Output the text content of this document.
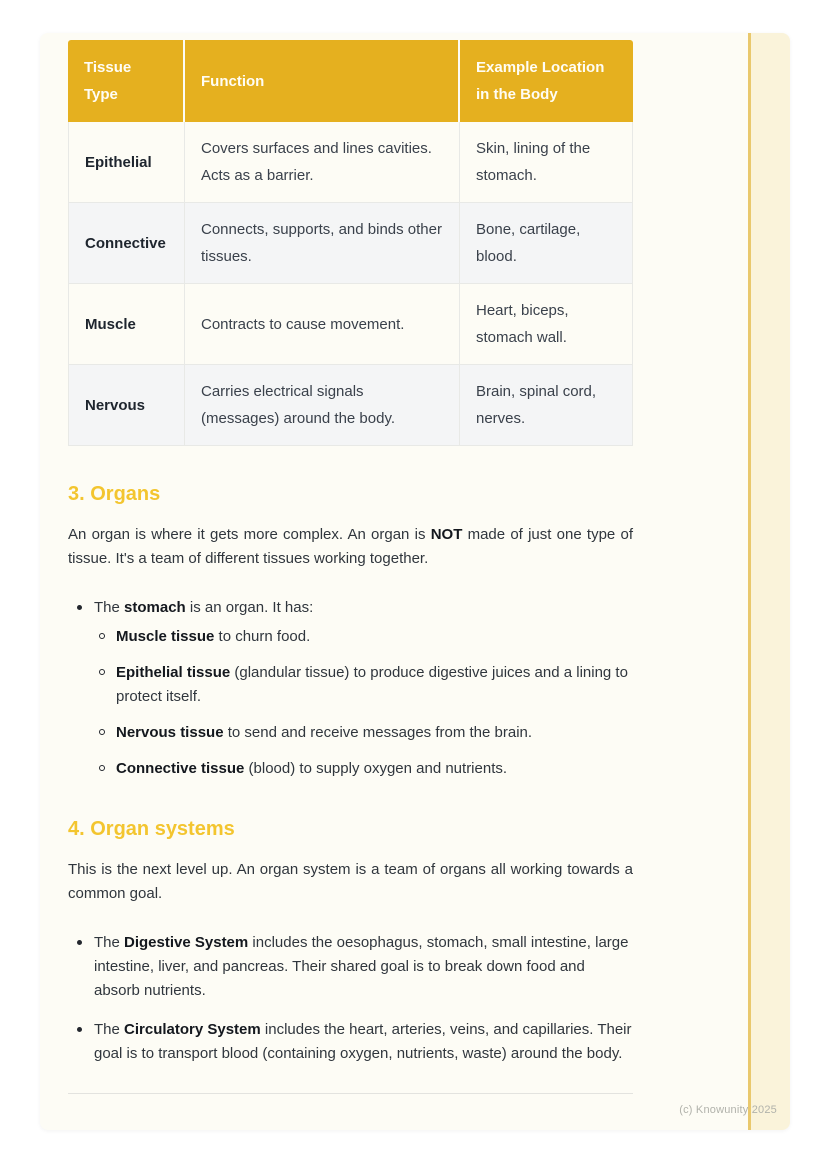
Tissue Type	Function	Example Location in the Body
Epithelial	Covers surfaces and lines cavities. Acts as a barrier.	Skin, lining of the stomach.
Connective	Connects, supports, and binds other tissues.	Bone, cartilage, blood.
Muscle	Contracts to cause movement.	Heart, biceps, stomach wall.
Nervous	Carries electrical signals (messages) around the body.	Brain, spinal cord, nerves.
3. Organs

An organ is where it gets more complex. An organ is NOT made of just one type of tissue. It's a team of different tissues working together.

The stomach is an organ. It has:
Muscle tissue to churn food.
Epithelial tissue (glandular tissue) to produce digestive juices and a lining to protect itself.
Nervous tissue to send and receive messages from the brain.
Connective tissue (blood) to supply oxygen and nutrients.
4. Organ systems

This is the next level up. An organ system is a team of organs all working towards a common goal.

The Digestive System includes the oesophagus, stomach, small intestine, large intestine, liver, and pancreas. Their shared goal is to break down food and absorb nutrients.
The Circulatory System includes the heart, arteries, veins, and capillaries. Their goal is to transport blood (containing oxygen, nutrients, waste) around the body.
(c) Knowunity 2025
